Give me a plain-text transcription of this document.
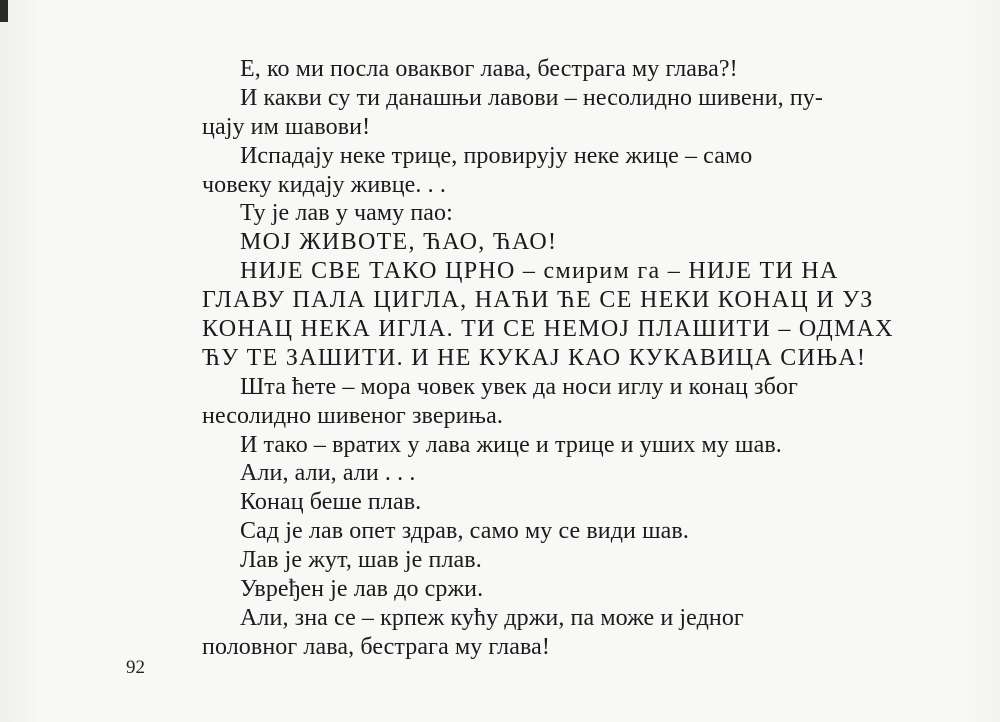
Е, ко ми посла оваквог лава, бестрага му глава?!
И какви су ти данашњи лавови – несолидно шивени, пу-
цају им шавови!
Испадају неке трице, провирују неке жице – само
човеку кидају живце. . .
Ту је лав у чаму пао:
МОЈ ЖИВОТЕ, ЋАО, ЋАО!
НИЈЕ СВЕ ТАКО ЦРНО – смирим га – НИЈЕ ТИ НА
ГЛАВУ ПАЛА ЦИГЛА, НАЋИ ЋЕ СЕ НЕКИ КОНАЦ И УЗ
КОНАЦ НЕКА ИГЛА. ТИ СЕ НЕМОЈ ПЛАШИТИ – ОДМАХ
ЋУ ТЕ ЗАШИТИ. И НЕ КУКАЈ КАО КУКАВИЦА СИЊА!
Шта ћете – мора човек увек да носи иглу и конац због
несолидно шивеног зверињa.
И тако – вратих у лава жице и трице и уших му шав.
Али, али, али . . .
Конац беше плав.
Сад је лав опет здрав, само му се види шав.
Лав је жут, шав је плав.
Увређен је лав до сржи.
Али, зна се – крпеж кућу држи, па може и једног
половног лава, бестрага му глава!
92
